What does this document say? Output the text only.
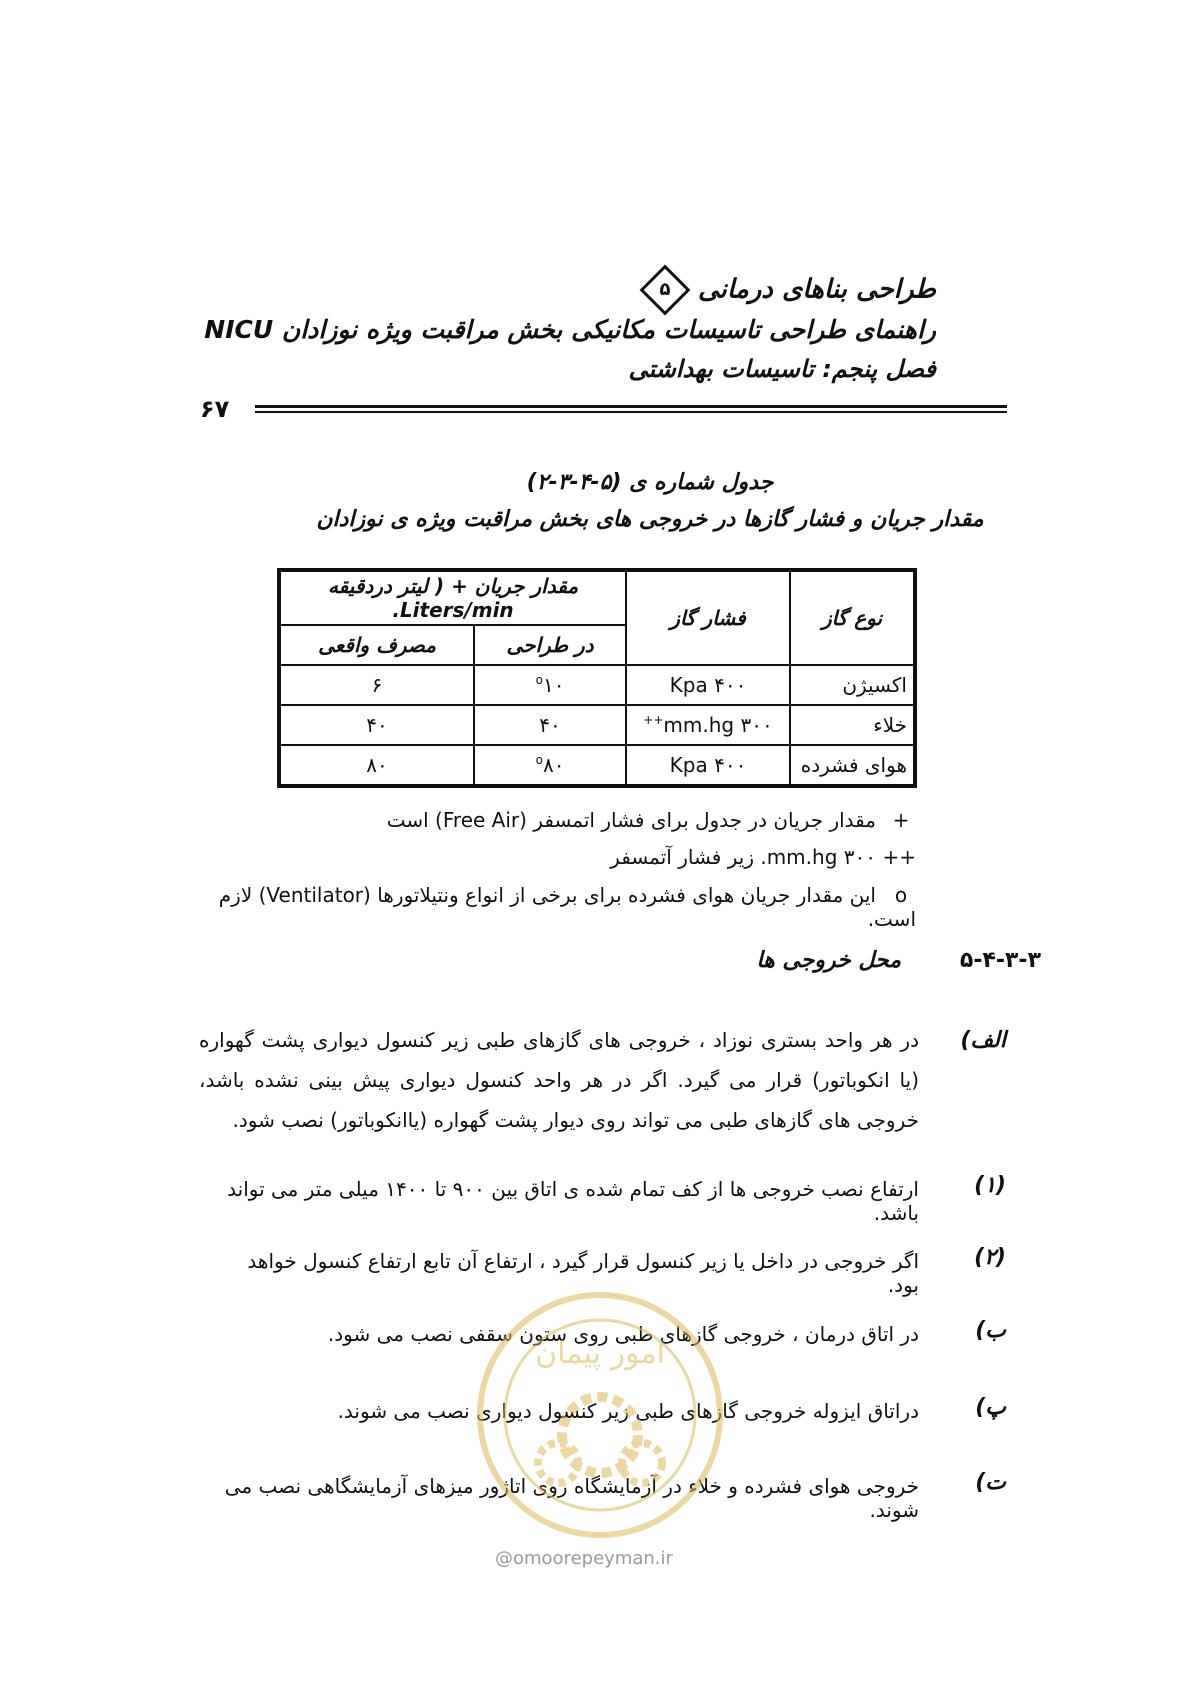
طراحی بناهای درمانی
۵
راهنمای طراحی تاسیسات مکانیکی بخش مراقبت ویژه نوزادان NICU
فصل پنجم: تاسیسات بهداشتی
۶۷
جدول شماره ی (۵-۴-۳-۲)
مقدار جریان و فشار گازها در خروجی های بخش مراقبت ویژه ی نوزادان
نوع گاز	فشار گاز	مقدار جریان + ( لیتر دردقیقه Liters/min.	
		در طراحی	مصرف واقعی
اکسیژن	۴۰۰ Kpa	$^o$۱۰	۶
خلاء	۳۰۰ mm.hg++	۴۰	۴۰
هوای فشرده	۴۰۰ Kpa	$^o$۸۰	۸۰
+مقدار جریان در جدول برای فشار اتمسفر (Free Air) است
++۳۰۰ mm.hg. زیر فشار آتمسفر
oاین مقدار جریان هوای فشرده برای برخی از انواع ونتیلاتورها (Ventilator) لازم است.
۵-۴-۳-۳
محل خروجی ها
الف)
در هر واحد بستری نوزاد ، خروجی های گازهای طبی زیر کنسول دیواری پشت گهواره (یا انکوباتور) قرار می گیرد. اگر در هر واحد کنسول دیواری پیش بینی نشده باشد، خروجی های گازهای طبی می تواند روی دیوار پشت گهواره (یاانکوباتور) نصب شود.
(۱)
ارتفاع نصب خروجی ها از کف تمام شده ی اتاق بین ۹۰۰ تا ۱۴۰۰ میلی متر می تواند باشد.
(۲)
اگر خروجی در داخل یا زیر کنسول قرار گیرد ، ارتفاع آن تابع ارتفاع کنسول خواهد بود.
ب)
در اتاق درمان ، خروجی گازهای طبی روی ستون سقفی نصب می شود.
پ)
دراتاق ایزوله خروجی گازهای طبی زیر کنسول دیواری نصب می شوند.
ت)
خروجی هوای فشرده و خلاء در آزمایشگاه روی اتاژور میزهای آزمایشگاهی نصب می شوند.
امور پیمان
@omoorepeyman.ir
